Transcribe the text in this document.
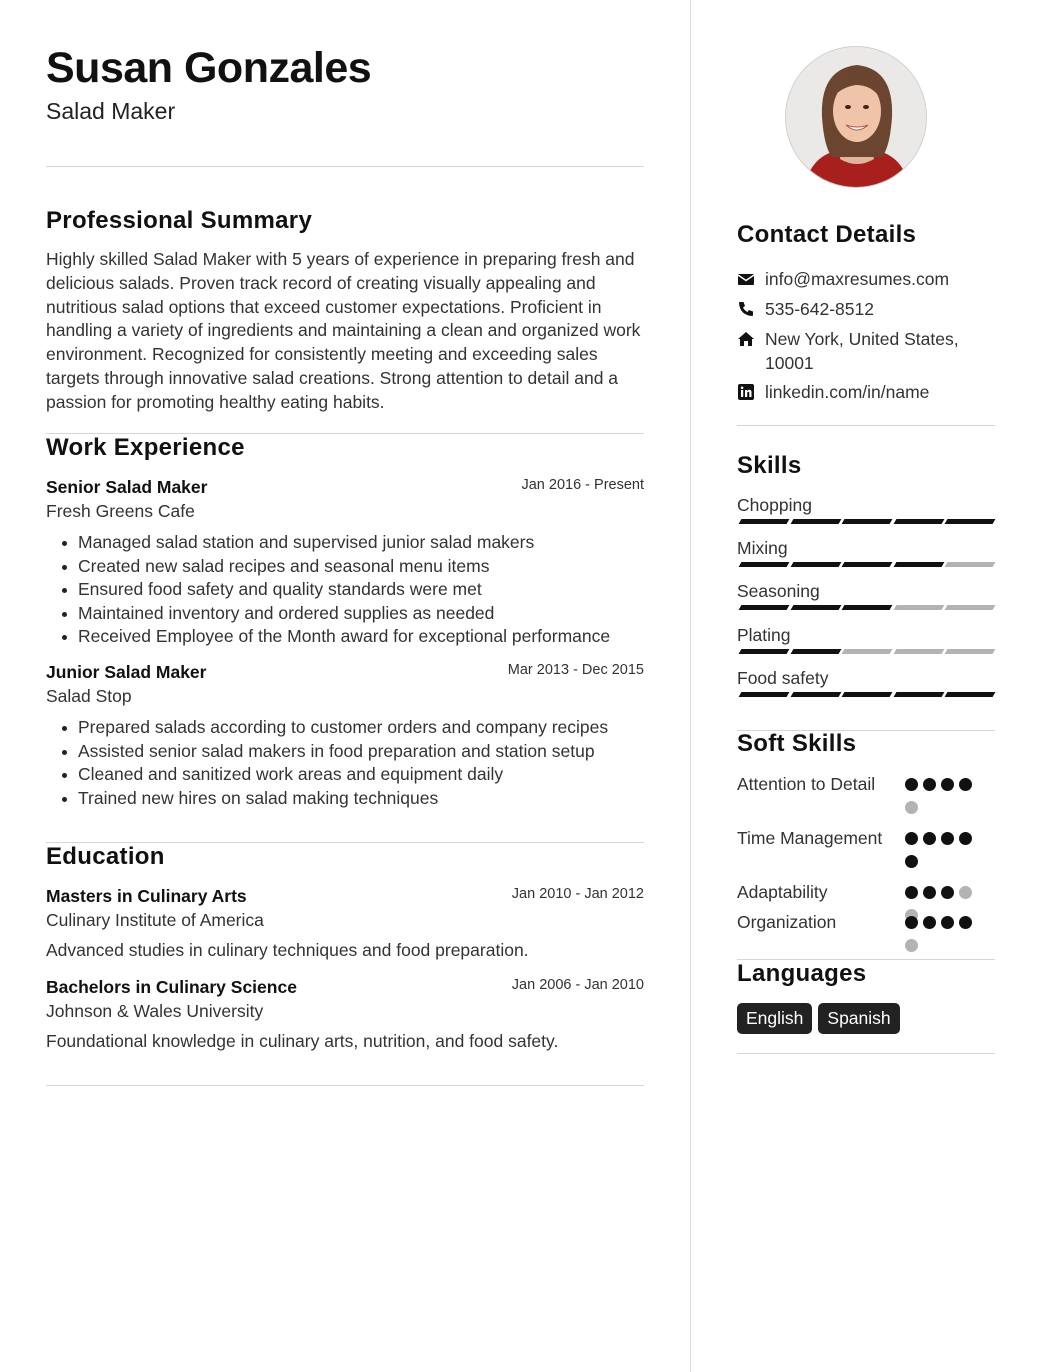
Susan Gonzales
Salad Maker
Professional Summary
Highly skilled Salad Maker with 5 years of experience in preparing fresh and delicious salads. Proven track record of creating visually appealing and nutritious salad options that exceed customer expectations. Proficient in handling a variety of ingredients and maintaining a clean and organized work environment. Recognized for consistently meeting and exceeding sales targets through innovative salad creations. Strong attention to detail and a passion for promoting healthy eating habits.
Work Experience
Senior Salad Maker	Jan 2016 - Present
Fresh Greens Cafe
Managed salad station and supervised junior salad makers
Created new salad recipes and seasonal menu items
Ensured food safety and quality standards were met
Maintained inventory and ordered supplies as needed
Received Employee of the Month award for exceptional performance
Junior Salad Maker	Mar 2013 - Dec 2015
Salad Stop
Prepared salads according to customer orders and company recipes
Assisted senior salad makers in food preparation and station setup
Cleaned and sanitized work areas and equipment daily
Trained new hires on salad making techniques
Education
Masters in Culinary Arts	Jan 2010 - Jan 2012
Culinary Institute of America
Advanced studies in culinary techniques and food preparation.
Bachelors in Culinary Science	Jan 2006 - Jan 2010
Johnson & Wales University
Foundational knowledge in culinary arts, nutrition, and food safety.
Contact Details
info@maxresumes.com
535-642-8512
New York, United States, 10001
linkedin.com/in/name
Skills
Chopping
Mixing
Seasoning
Plating
Food safety
Soft Skills
Attention to Detail
Time Management
Adaptability
Organization
Languages
English	Spanish
